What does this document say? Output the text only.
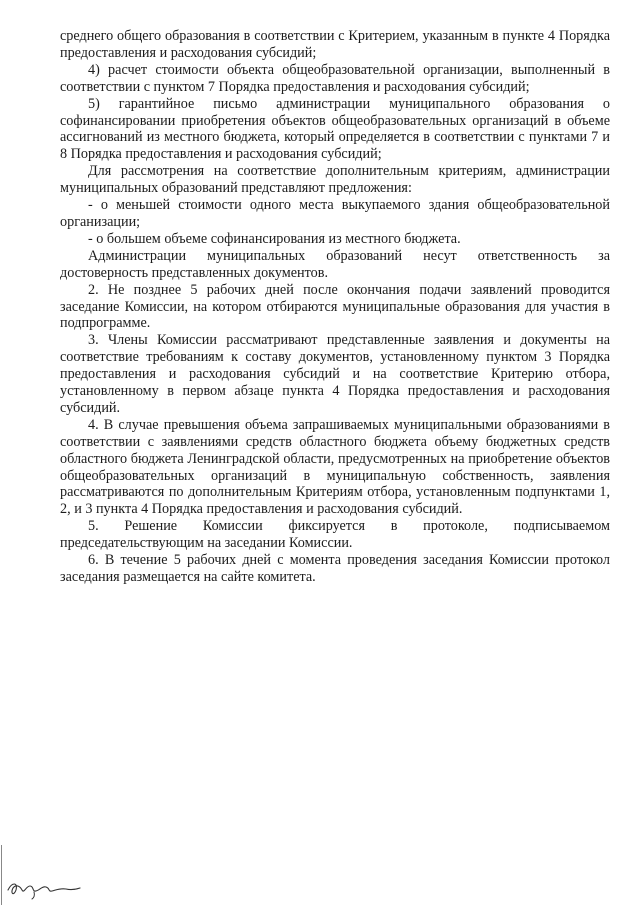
среднего общего образования в соответствии с Критерием, указанным в пункте 4 Порядка предоставления и расходования субсидий;

4) расчет стоимости объекта общеобразовательной организации, выполненный в соответствии с пунктом 7 Порядка предоставления и расходования субсидий;

5) гарантийное письмо администрации муниципального образования о софинансировании приобретения объектов общеобразовательных организаций в объеме ассигнований из местного бюджета, который определяется в соответствии с пунктами 7 и 8 Порядка предоставления и расходования субсидий;

Для рассмотрения на соответствие дополнительным критериям, администрации муниципальных образований представляют предложения:

- о меньшей стоимости одного места выкупаемого здания общеобразовательной организации;

- о большем объеме софинансирования из местного бюджета.

Администрации муниципальных образований несут ответственность за достоверность представленных документов.

2. Не позднее 5 рабочих дней после окончания подачи заявлений проводится заседание Комиссии, на котором отбираются муниципальные образования для участия в подпрограмме.

3. Члены Комиссии рассматривают представленные заявления и документы на соответствие требованиям к составу документов, установленному пунктом 3 Порядка предоставления и расходования субсидий и на соответствие Критерию отбора, установленному в первом абзаце пункта 4 Порядка предоставления и расходования субсидий.

4. В случае превышения объема запрашиваемых муниципальными образованиями в соответствии с заявлениями средств областного бюджета объему бюджетных средств областного бюджета Ленинградской области, предусмотренных на приобретение объектов общеобразовательных организаций в муниципальную собственность, заявления рассматриваются по дополнительным Критериям отбора, установленным подпунктами 1, 2, и 3 пункта 4 Порядка предоставления и расходования субсидий.

5. Решение Комиссии фиксируется в протоколе, подписываемом председательствующим на заседании Комиссии.

6. В течение 5 рабочих дней с момента проведения заседания Комиссии протокол заседания размещается на сайте комитета.
